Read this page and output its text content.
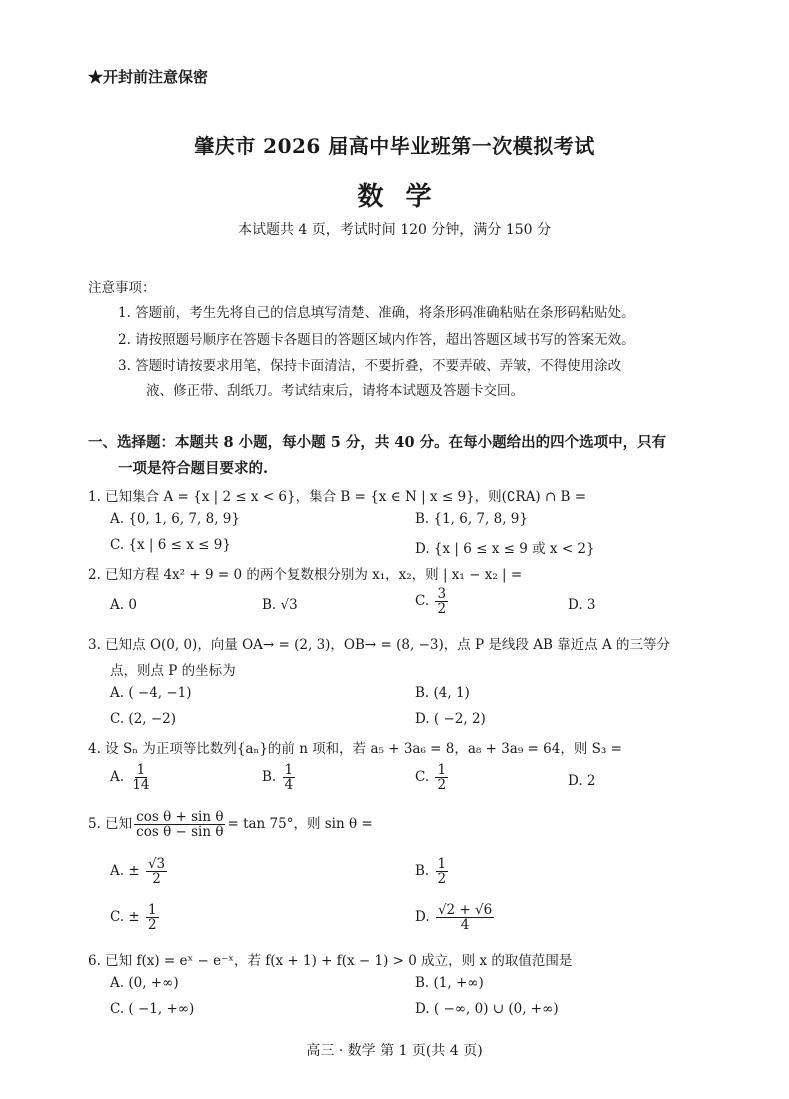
★开封前注意保密
肇庆市 2026 届高中毕业班第一次模拟考试
数学
本试题共 4 页，考试时间 120 分钟，满分 150 分
注意事项：
1. 答题前，考生先将自己的信息填写清楚、准确，将条形码准确粘贴在条形码粘贴处。
2. 请按照题号顺序在答题卡各题目的答题区域内作答，超出答题区域书写的答案无效。
3. 答题时请按要求用笔，保持卡面清洁，不要折叠，不要弄破、弄皱，不得使用涂改
液、修正带、刮纸刀。考试结束后，请将本试题及答题卡交回。
一、选择题：本题共 8 小题，每小题 5 分，共 40 分。在每小题给出的四个选项中，只有
一项是符合题目要求的.
1. 已知集合 A = {x | 2 ≤ x < 6}，集合 B = {x ∈ N | x ≤ 9}，则(∁RA) ∩ B =
A. {0, 1, 6, 7, 8, 9}	B. {1, 6, 7, 8, 9}
C. {x | 6 ≤ x ≤ 9}	D. {x | 6 ≤ x ≤ 9 或 x < 2}
2. 已知方程 4x² + 9 = 0 的两个复数根分别为 x₁，x₂，则 | x₁ − x₂ | =
A. 0	B. √3	C. $\frac{3}{2}$	D. 3
3. 已知点 O(0, 0)，向量 OA→ = (2, 3)，OB→ = (8, −3)，点 P 是线段 AB 靠近点 A 的三等分
点，则点 P 的坐标为
A. ( −4, −1)	B. (4, 1)
C. (2, −2)	D. ( −2, 2)
4. 设 Sₙ 为正项等比数列{aₙ}的前 n 项和，若 a₅ + 3a₆ = 8，a₈ + 3a₉ = 64，则 S₃ =
A. $\frac{1}{14}$	B. $\frac{1}{4}$	C. $\frac{1}{2}$	D. 2
5. 已知 $\frac{\text{cos θ + sin θ}}{\text{cos θ − sin θ}} = \tan 75^\circ$，则 sin θ =
A. ± $\frac{√3}{2}$	B. $\frac{1}{2}$
C. ± $\frac{1}{2}$	D. $\frac{√2 + √6}{4}$
6. 已知 f(x) = eˣ − e⁻ˣ，若 f(x + 1) + f(x − 1) > 0 成立，则 x 的取值范围是
A. (0, +∞)	B. (1, +∞)
C. ( −1, +∞)	D. ( −∞, 0) ∪ (0, +∞)
高三 · 数学 第 1 页(共 4 页)
